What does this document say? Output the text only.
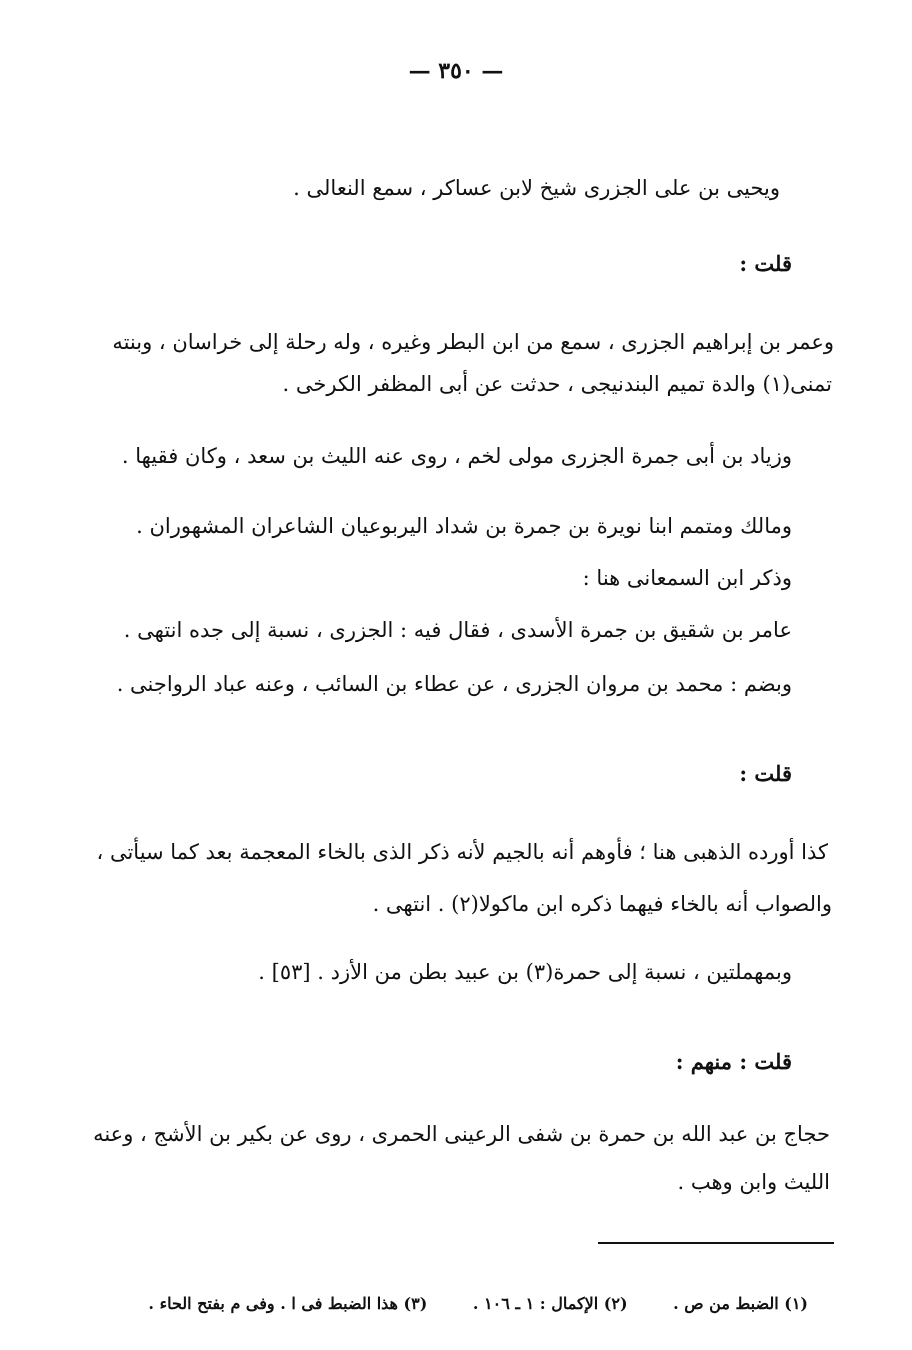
— ٣٥٠ —
ويحيى بن على الجزرى شيخ لابن عساكر ، سمع النعالى .
قلت :
وعمر بن إبراهيم الجزرى ، سمع من ابن البطر وغيره ، وله رحلة إلى خراسان ، وبنته
تمنى(١) والدة تميم البندنيجى ، حدثت عن أبى المظفر الكرخى .
وزياد بن أبى جمرة الجزرى مولى لخم ، روى عنه الليث بن سعد ، وكان فقيها .
ومالك ومتمم ابنا نويرة بن جمرة بن شداد اليربوعيان الشاعران المشهوران .
وذكر ابن السمعانى هنا :
عامر بن شقيق بن جمرة الأسدى ، فقال فيه : الجزرى ، نسبة إلى جده انتهى .
وبضم : محمد بن مروان الجزرى ، عن عطاء بن السائب ، وعنه عباد الرواجنى .
قلت :
كذا أورده الذهبى هنا ؛ فأوهم أنه بالجيم لأنه ذكر الذى بالخاء المعجمة بعد كما سيأتى ،
والصواب أنه بالخاء فيهما ذكره ابن ماكولا(٢) . انتهى .
وبمهملتين ، نسبة إلى حمرة(٣) بن عبيد بطن من الأزد . [٥٣] .
قلت : منهم :
حجاج بن عبد الله بن حمرة بن شفى الرعينى الحمرى ، روى عن بكير بن الأشج ، وعنه
الليث وابن وهب .
(١) الضبط من ص . (٢) الإكمال : ١ ـ ١٠٦ . (٣) هذا الضبط فى ا . وفى م بفتح الحاء .
